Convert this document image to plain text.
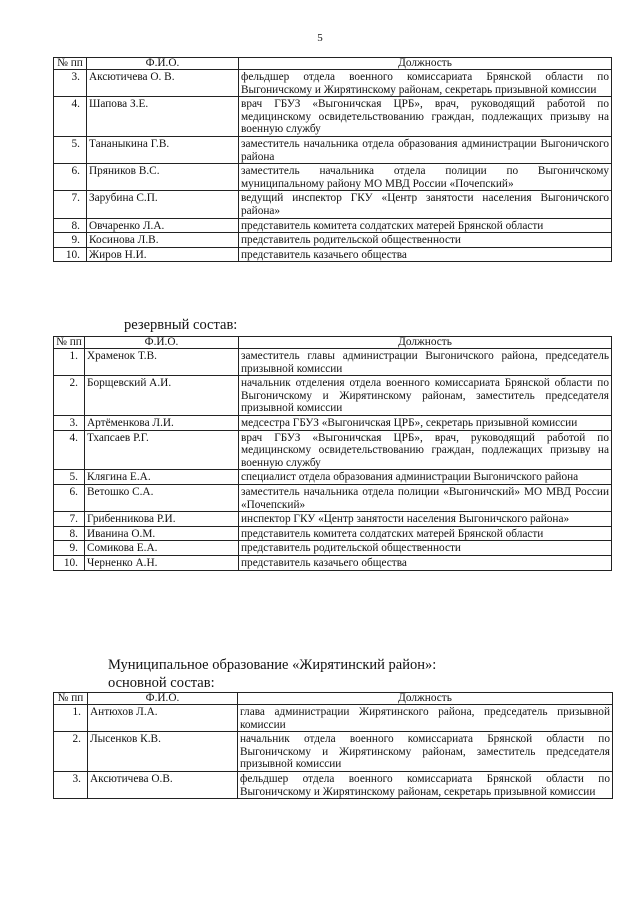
5
№ пп	Ф.И.О.	Должность
3.	Аксютичева О. В.	фельдшер отдела военного комиссариата Брянской области по Выгоничскому и Жирятинскому районам, секретарь призывной комиссии
4.	Шапова З.Е.	врач ГБУЗ «Выгоничская ЦРБ», врач, руководящий работой по медицинскому освидетельствованию граждан, подлежащих призыву на военную службу
5.	Тананыкина Г.В.	заместитель начальника отдела образования администрации Выгоничского района
6.	Пряников В.С.	заместитель начальника отдела полиции по Выгоничскому муниципальному району МО МВД России «Почепский»
7.	Зарубина С.П.	ведущий инспектор ГКУ «Центр занятости населения Выгоничского района»
8.	Овчаренко Л.А.	представитель комитета солдатских матерей Брянской области
9.	Косинова Л.В.	представитель родительской общественности
10.	Жиров Н.И.	представитель казачьего общества
резервный состав:
№ пп	Ф.И.О.	Должность
1.	Храменок Т.В.	заместитель главы администрации Выгоничского района, председатель призывной комиссии
2.	Борщевский А.И.	начальник отделения отдела военного комиссариата Брянской области по Выгоничскому и Жирятинскому районам, заместитель председателя призывной комиссии
3.	Артёменкова Л.И.	медсестра ГБУЗ «Выгоничская ЦРБ», секретарь призывной комиссии
4.	Тхапсаев Р.Г.	врач ГБУЗ «Выгоничская ЦРБ», врач, руководящий работой по медицинскому освидетельствованию граждан, подлежащих призыву на военную службу
5.	Клягина Е.А.	специалист отдела образования администрации Выгоничского района
6.	Ветошко С.А.	заместитель начальника отдела полиции «Выгоничский» МО МВД России «Почепский»
7.	Грибенникова Р.И.	инспектор ГКУ «Центр занятости населения Выгоничского района»
8.	Иванина О.М.	представитель комитета солдатских матерей Брянской области
9.	Сомикова Е.А.	представитель родительской общественности
10.	Черненко А.Н.	представитель казачьего общества
Муниципальное образование «Жирятинский район»:
основной состав:
№ пп	Ф.И.О.	Должность
1.	Антюхов Л.А.	глава администрации Жирятинского района, председатель призывной комиссии
2.	Лысенков К.В.	начальник отдела военного комиссариата Брянской области по Выгоничскому и Жирятинскому районам, заместитель председателя призывной комиссии
3.	Аксютичева О.В.	фельдшер отдела военного комиссариата Брянской области по Выгоничскому и Жирятинскому районам, секретарь призывной комиссии
